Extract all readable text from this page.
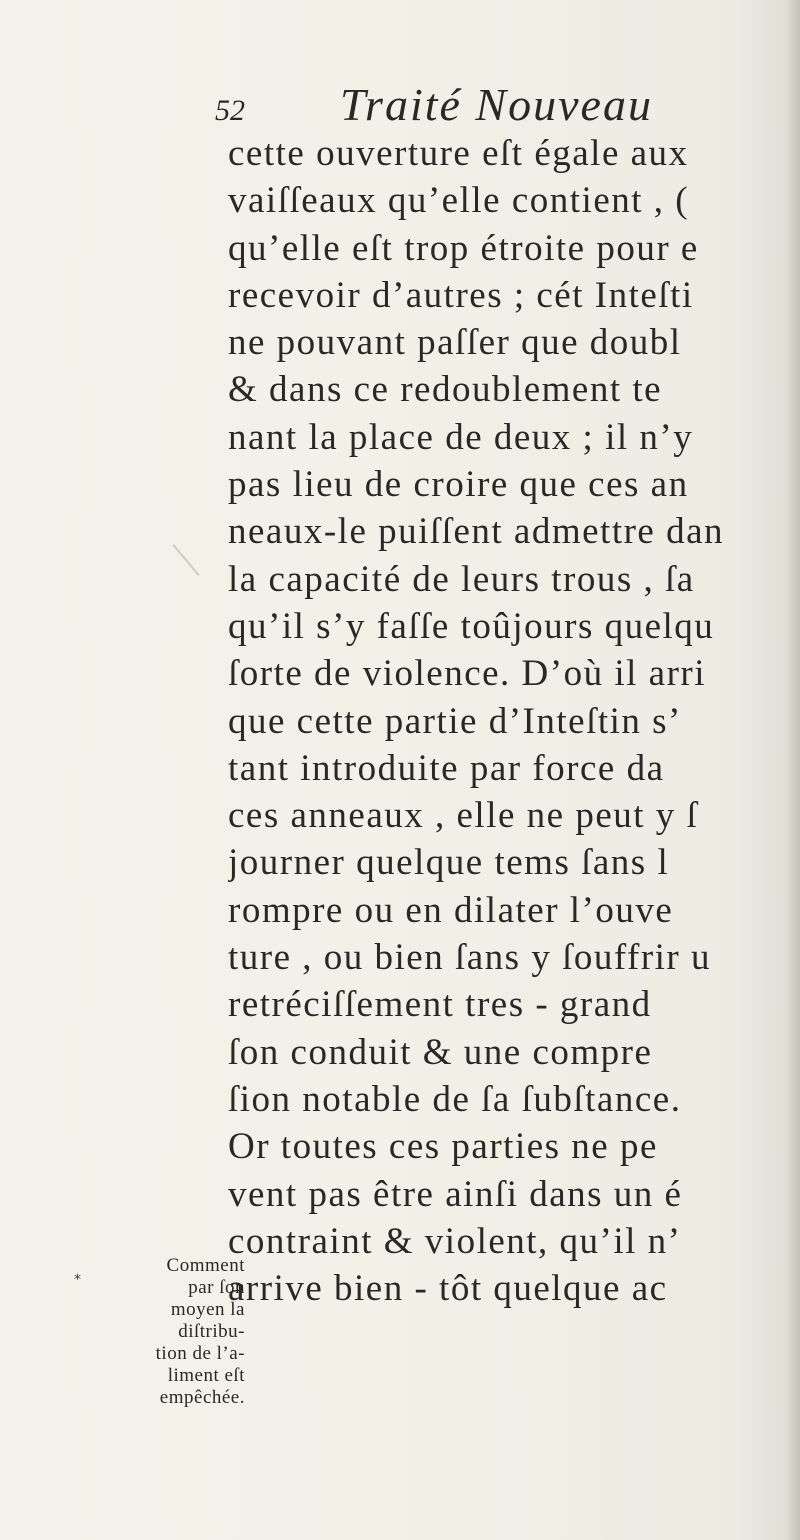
52 Traité Nouveau
cette ouverture eſt égale aux
vaiſſeaux qu’elle contient , (
qu’elle eſt trop étroite pour e
recevoir d’autres ; cét Inteſti
ne pouvant paſſer que doubl
& dans ce redoublement te
nant la place de deux ; il n’y
pas lieu de croire que ces an
neaux-le puiſſent admettre dan
la capacité de leurs trous , ſa
qu’il s’y faſſe toûjours quelqu
ſorte de violence. D’où il arri
que cette partie d’Inteſtin s’
tant introduite par force da
ces anneaux , elle ne peut y ſ
journer quelque tems ſans l
rompre ou en dilater l’ouve
ture , ou bien ſans y ſouffrir u
retréciſſement tres - grand
ſon conduit & une compre
ſion notable de ſa ſubſtance.
Or toutes ces parties ne pe
vent pas être ainſi dans un é
contraint & violent, qu’il n’
arrive bien - tôt quelque ac
Comment
par ſon
moyen la
diſtribu-
tion de l’a-
liment eſt
empêchée.
*
